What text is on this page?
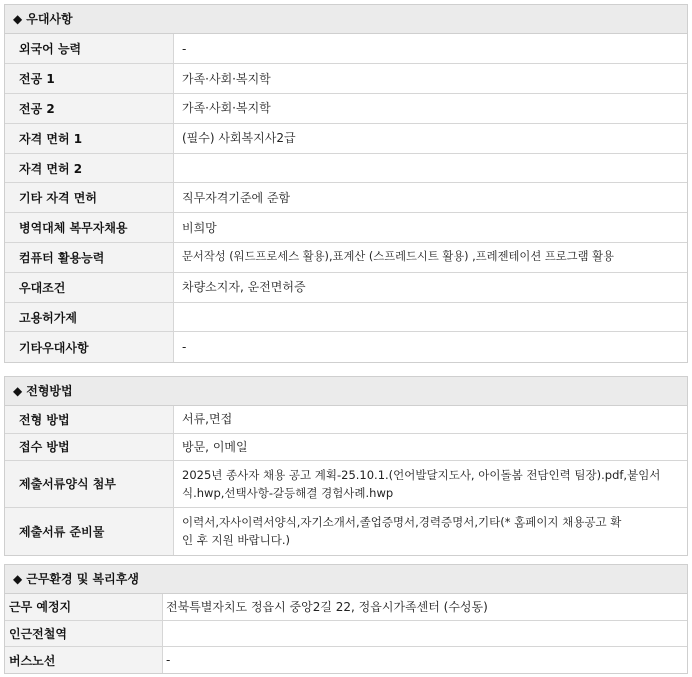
◆ 우대사항
외국어 능력	-
전공 1	가족·사회·복지학
전공 2	가족·사회·복지학
자격 면허 1	(필수) 사회복지사2급
자격 면허 2	
기타 자격 면허	직무자격기준에 준함
병역대체 복무자채용	비희망
컴퓨터 활용능력	문서작성 (워드프로세스 활용),표계산 (스프레드시트 활용) ,프레젠테이션 프로그램 활용
우대조건	차량소지자, 운전면허증
고용허가제	
기타우대사항	-
◆ 전형방법
전형 방법	서류,면접
접수 방법	방문, 이메일
제출서류양식 첨부	2025년 종사자 채용 공고 계획-25.10.1.(언어발달지도사, 아이돌봄 전담인력 팀장).pdf,붙임서식.hwp,선택사항-갈등해결 경험사례.hwp
제출서류 준비물	이력서,자사이력서양식,자기소개서,졸업증명서,경력증명서,기타(* 홈페이지 채용공고 확인 후 지원 바랍니다.)
◆ 근무환경 및 복리후생
근무 예정지	전북특별자치도 정읍시 중앙2길 22, 정읍시가족센터 (수성동)
인근전철역	
버스노선	-
